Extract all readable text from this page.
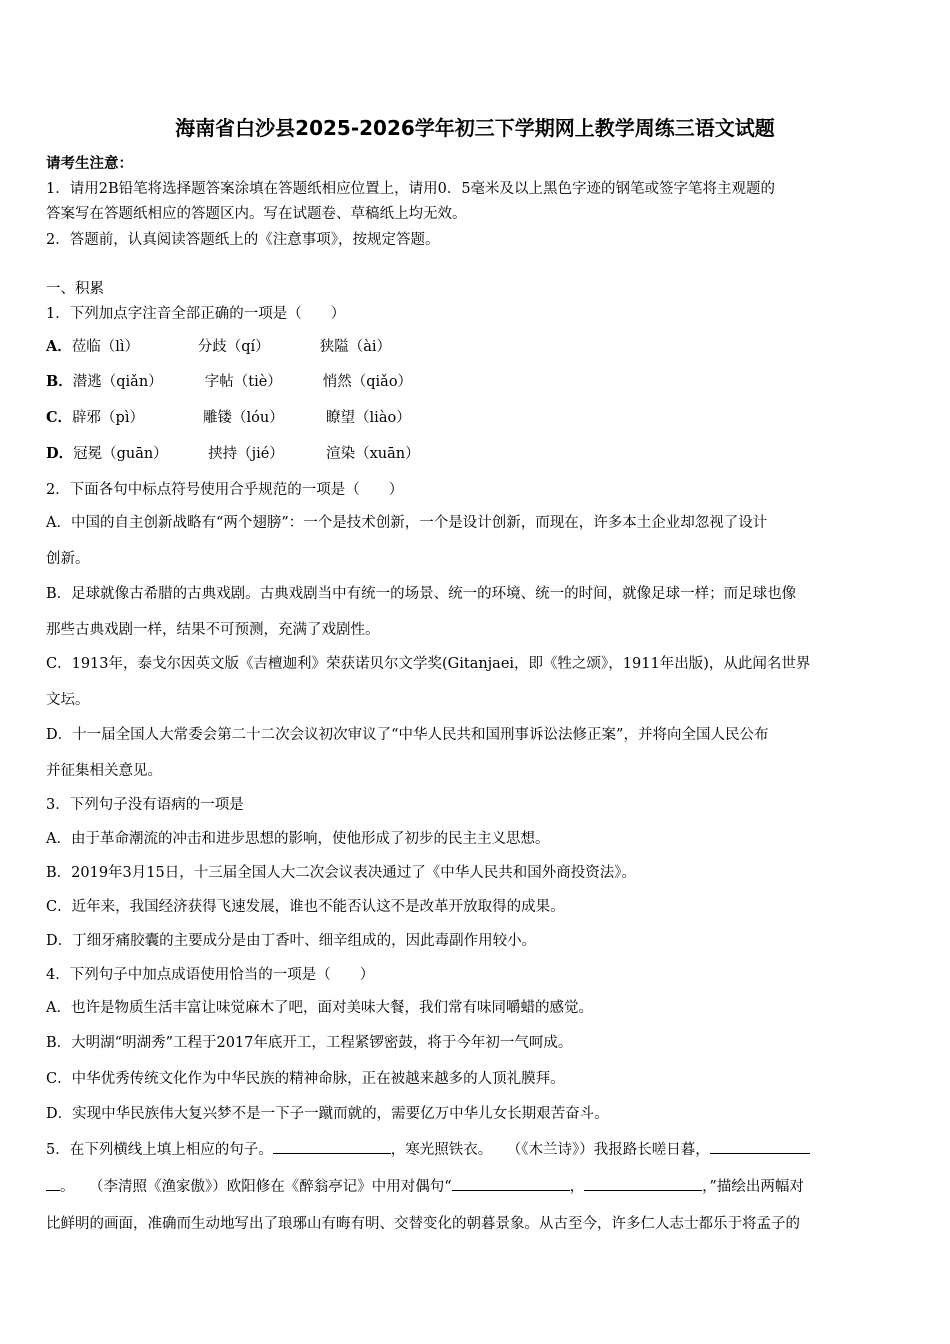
海南省白沙县2025-2026学年初三下学期网上教学周练三语文试题
请考生注意：
1．请用2B铅笔将选择题答案涂填在答题纸相应位置上，请用0．5毫米及以上黑色字迹的钢笔或签字笔将主观题的
答案写在答题纸相应的答题区内。写在试题卷、草稿纸上均无效。
2．答题前，认真阅读答题纸上的《注意事项》，按规定答题。
一、积累
1．下列加点字注音全部正确的一项是（　　）
A．莅临（lì）	分歧（qí）	狭隘（ài）
B．潜逃（qiǎn）	字帖（tiè）	悄然（qiǎo）
C．辟邪（pì）	雕镂（lóu）	瞭望（liào）
D．冠冕（guān）	挟持（jié）	渲染（xuān）
2．下面各句中标点符号使用合乎规范的一项是（　　）
A．中国的自主创新战略有“两个翅膀”：一个是技术创新，一个是设计创新，而现在，许多本土企业却忽视了设计
创新。
B．足球就像古希腊的古典戏剧。古典戏剧当中有统一的场景、统一的环境、统一的时间，就像足球一样；而足球也像
那些古典戏剧一样，结果不可预测，充满了戏剧性。
C．1913年，泰戈尔因英文版《吉檀迦利》荣获诺贝尔文学奖(Gitanjaei，即《牲之颂》，1911年出版)，从此闻名世界
文坛。
D．十一届全国人大常委会第二十二次会议初次审议了“中华人民共和国刑事诉讼法修正案”，并将向全国人民公布
并征集相关意见。
3．下列句子没有语病的一项是
A．由于革命潮流的冲击和进步思想的影响，使他形成了初步的民主主义思想。
B．2019年3月15日，十三届全国人大二次会议表决通过了《中华人民共和国外商投资法》。
C．近年来，我国经济获得飞速发展，谁也不能否认这不是改革开放取得的成果。
D．丁细牙痛胶囊的主要成分是由丁香叶、细辛组成的，因此毒副作用较小。
4．下列句子中加点成语使用恰当的一项是（　　）
A．也许是物质生活丰富让味觉麻木了吧，面对美味大餐，我们常有味同嚼蜡的感觉。
B．大明湖“明湖秀”工程于2017年底开工，工程紧锣密鼓，将于今年初一气呵成。
C．中华优秀传统文化作为中华民族的精神命脉，正在被越来越多的人顶礼膜拜。
D．实现中华民族伟大复兴梦不是一下子一蹴而就的，需要亿万中华儿女长期艰苦奋斗。
5．在下列横线上填上相应的句子。	，寒光照铁衣。　　（《木兰诗》）我报路长嗟日暮，
。　　（李清照《渔家傲》）欧阳修在《醉翁亭记》中用对偶句“	，	，”描绘出两幅对
比鲜明的画面，准确而生动地写出了琅琊山有晦有明、交替变化的朝暮景象。从古至今，许多仁人志士都乐于将孟子的
